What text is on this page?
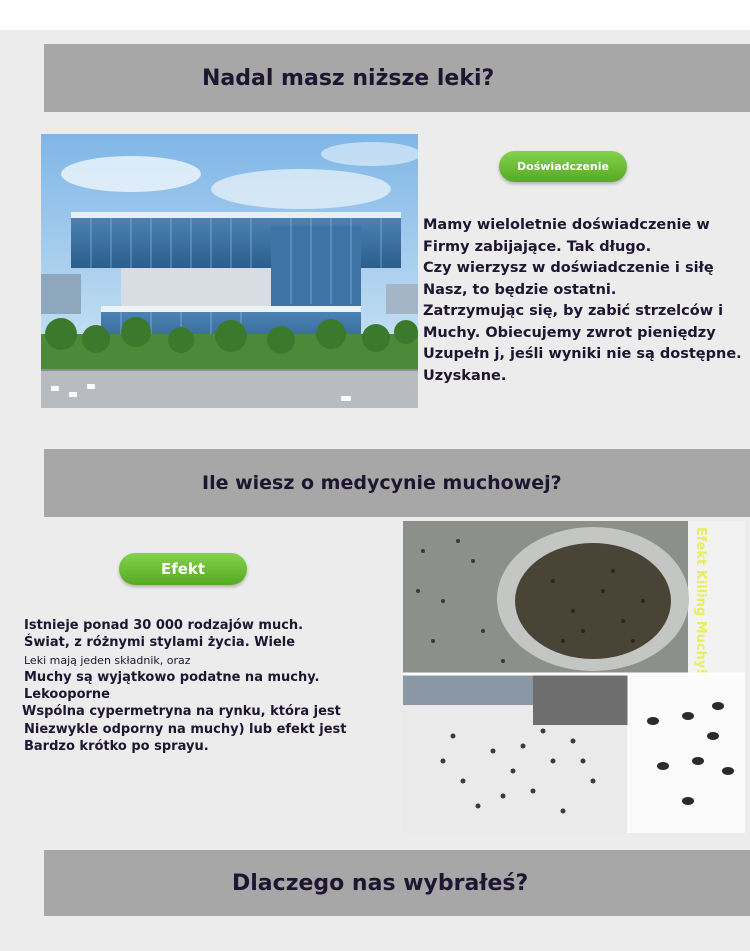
Nadal masz niższe leki?
Doświadczenie
Mamy wieloletnie doświadczenie w
Firmy zabijające. Tak długo.
Czy wierzysz w doświadczenie i siłę
Nasz, to będzie ostatni.
Zatrzymując się, by zabić strzelców i
Muchy. Obiecujemy zwrot pieniędzy
Uzupełn j, jeśli wyniki nie są dostępne.
Uzyskane.
Ile wiesz o medycynie muchowej?
Efekt
Istnieje ponad 30 000 rodzajów much.
Świat, z różnymi stylami życia. Wiele
Leki mają jeden składnik, oraz
Muchy są wyjątkowo podatne na muchy.
Lekooporne
Wspólna cypermetryna na rynku, która jest
Niezwykle odporny na muchy) lub efekt jest
Bardzo krótko po sprayu.
Efekt Killing Muchy!
Dlaczego nas wybrałeś?
